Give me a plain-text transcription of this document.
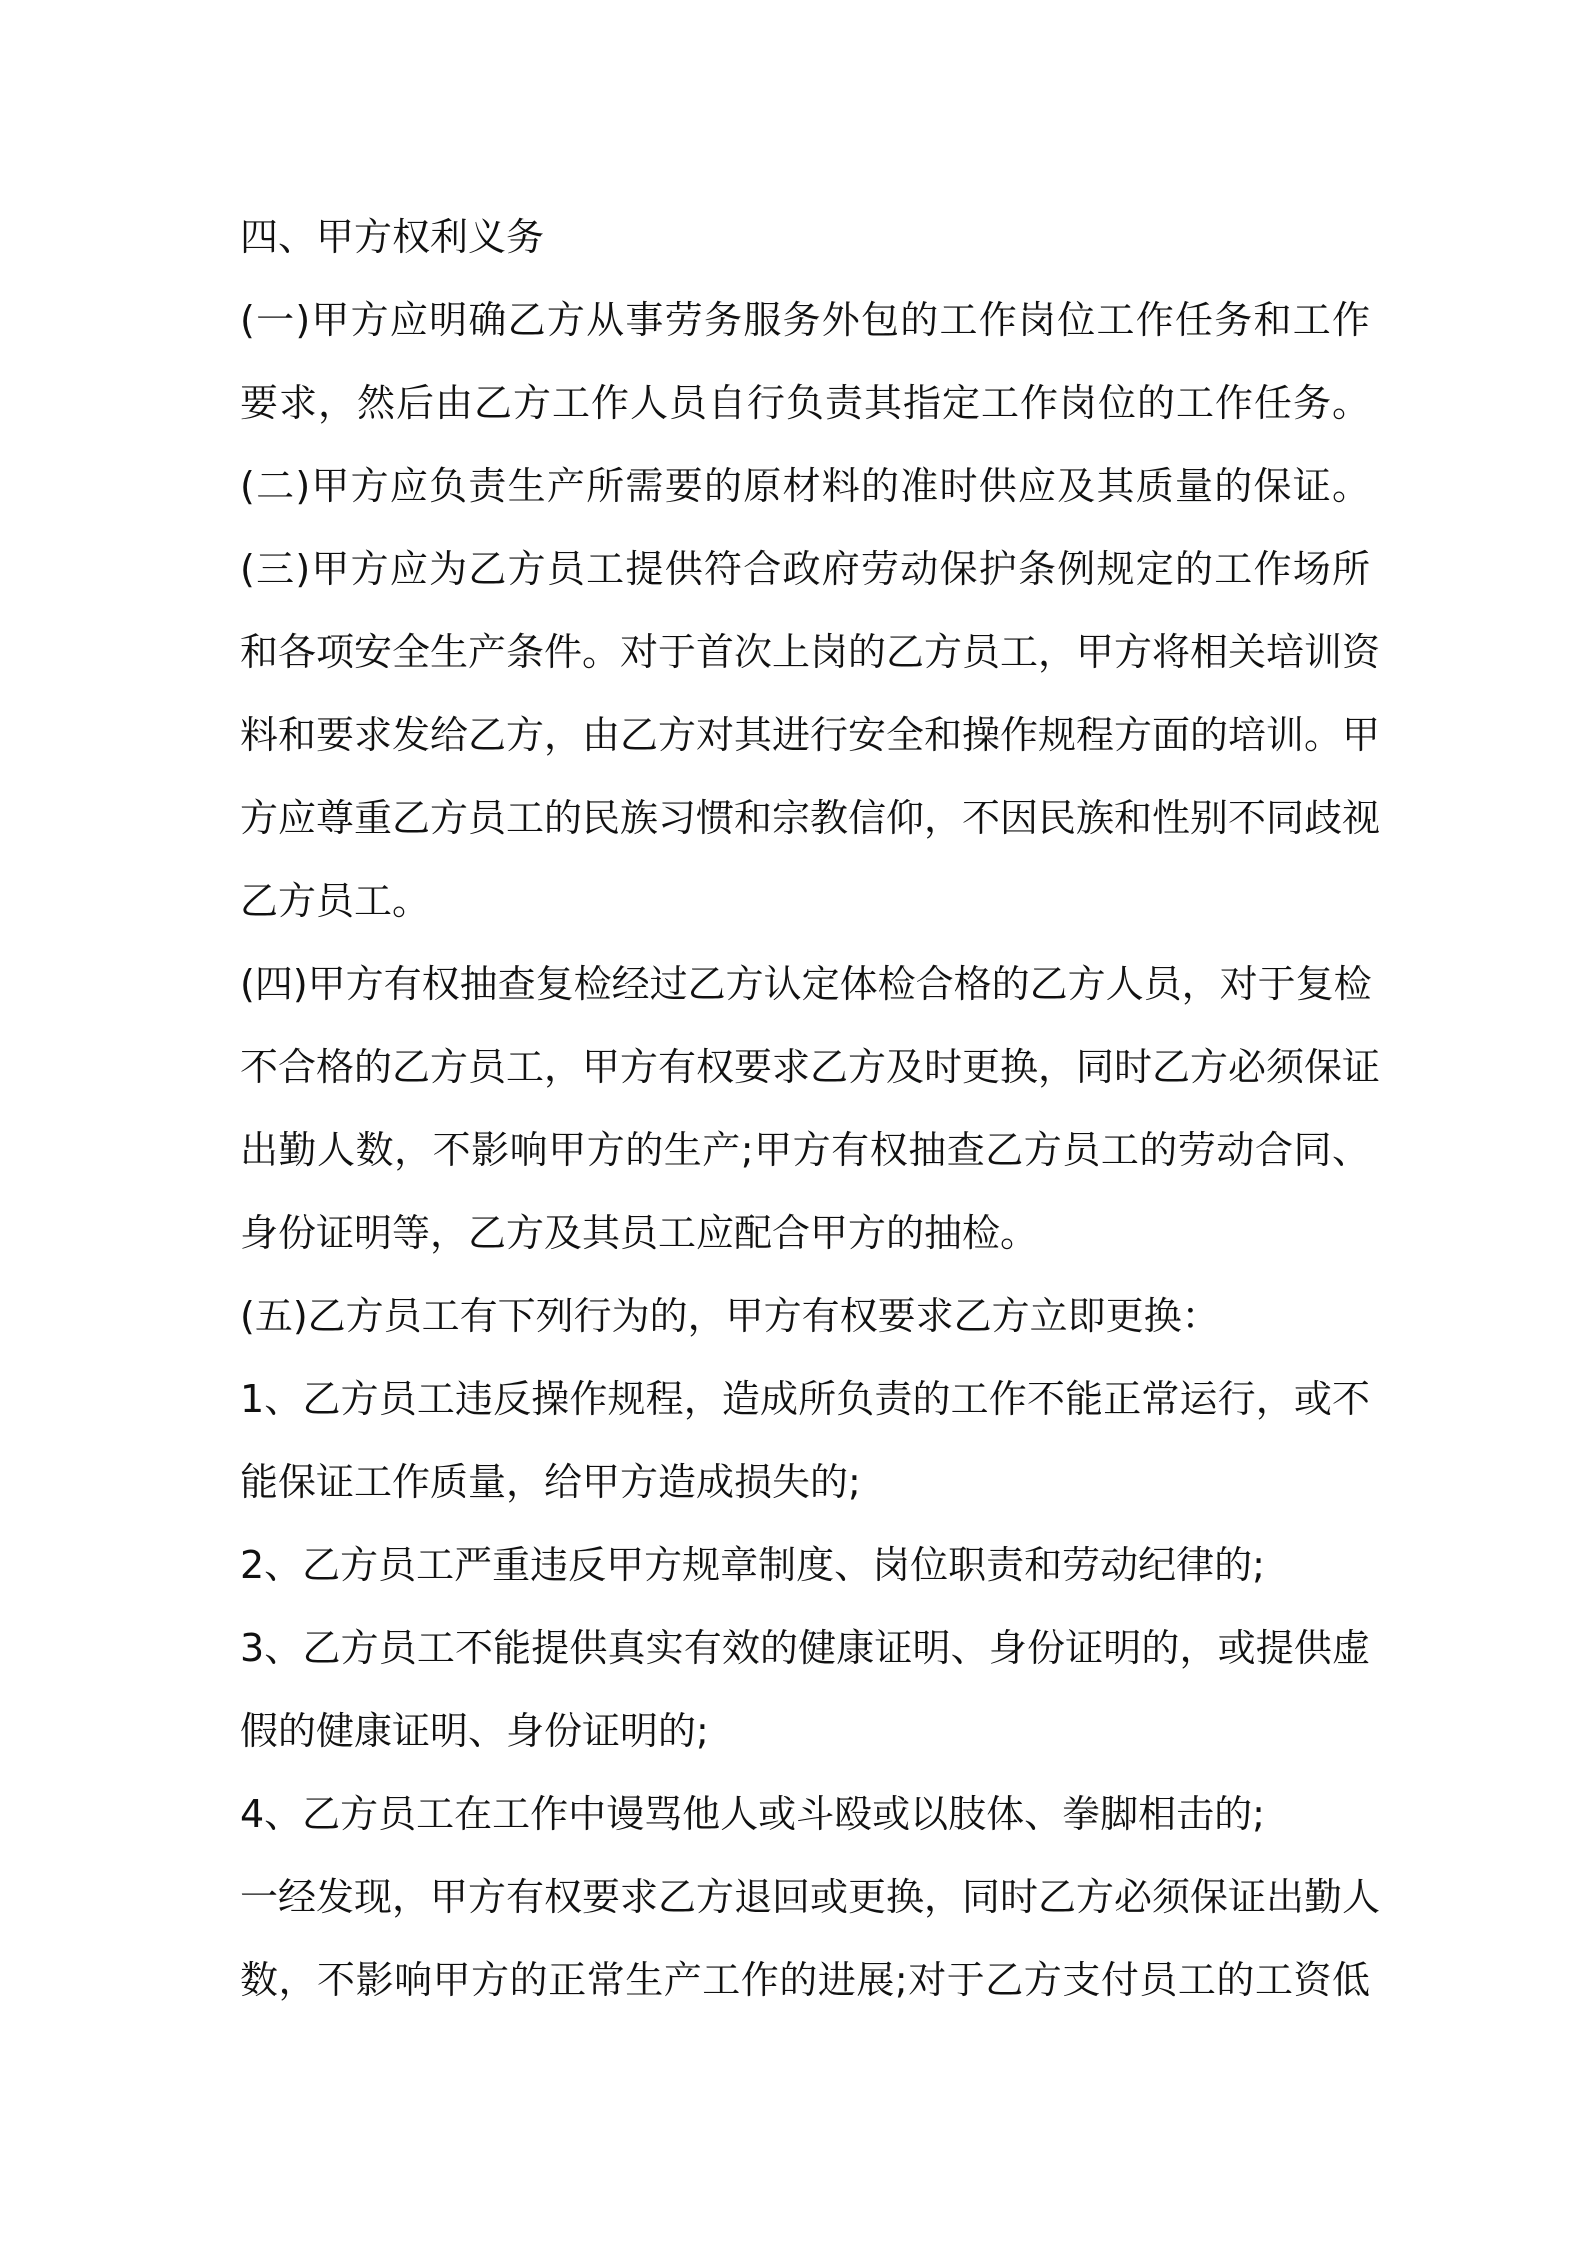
四、甲方权利义务
(一)甲方应明确乙方从事劳务服务外包的工作岗位工作任务和工作
要求，然后由乙方工作人员自行负责其指定工作岗位的工作任务。
(二)甲方应负责生产所需要的原材料的准时供应及其质量的保证。
(三)甲方应为乙方员工提供符合政府劳动保护条例规定的工作场所
和各项安全生产条件。对于首次上岗的乙方员工，甲方将相关培训资
料和要求发给乙方，由乙方对其进行安全和操作规程方面的培训。甲
方应尊重乙方员工的民族习惯和宗教信仰，不因民族和性别不同歧视
乙方员工。
(四)甲方有权抽查复检经过乙方认定体检合格的乙方人员，对于复检
不合格的乙方员工，甲方有权要求乙方及时更换，同时乙方必须保证
出勤人数，不影响甲方的生产;甲方有权抽查乙方员工的劳动合同、
身份证明等，乙方及其员工应配合甲方的抽检。
(五)乙方员工有下列行为的，甲方有权要求乙方立即更换：
1、乙方员工违反操作规程，造成所负责的工作不能正常运行，或不
能保证工作质量，给甲方造成损失的;
2、乙方员工严重违反甲方规章制度、岗位职责和劳动纪律的;
3、乙方员工不能提供真实有效的健康证明、身份证明的，或提供虚
假的健康证明、身份证明的;
4、乙方员工在工作中谩骂他人或斗殴或以肢体、拳脚相击的;
一经发现，甲方有权要求乙方退回或更换，同时乙方必须保证出勤人
数，不影响甲方的正常生产工作的进展;对于乙方支付员工的工资低
